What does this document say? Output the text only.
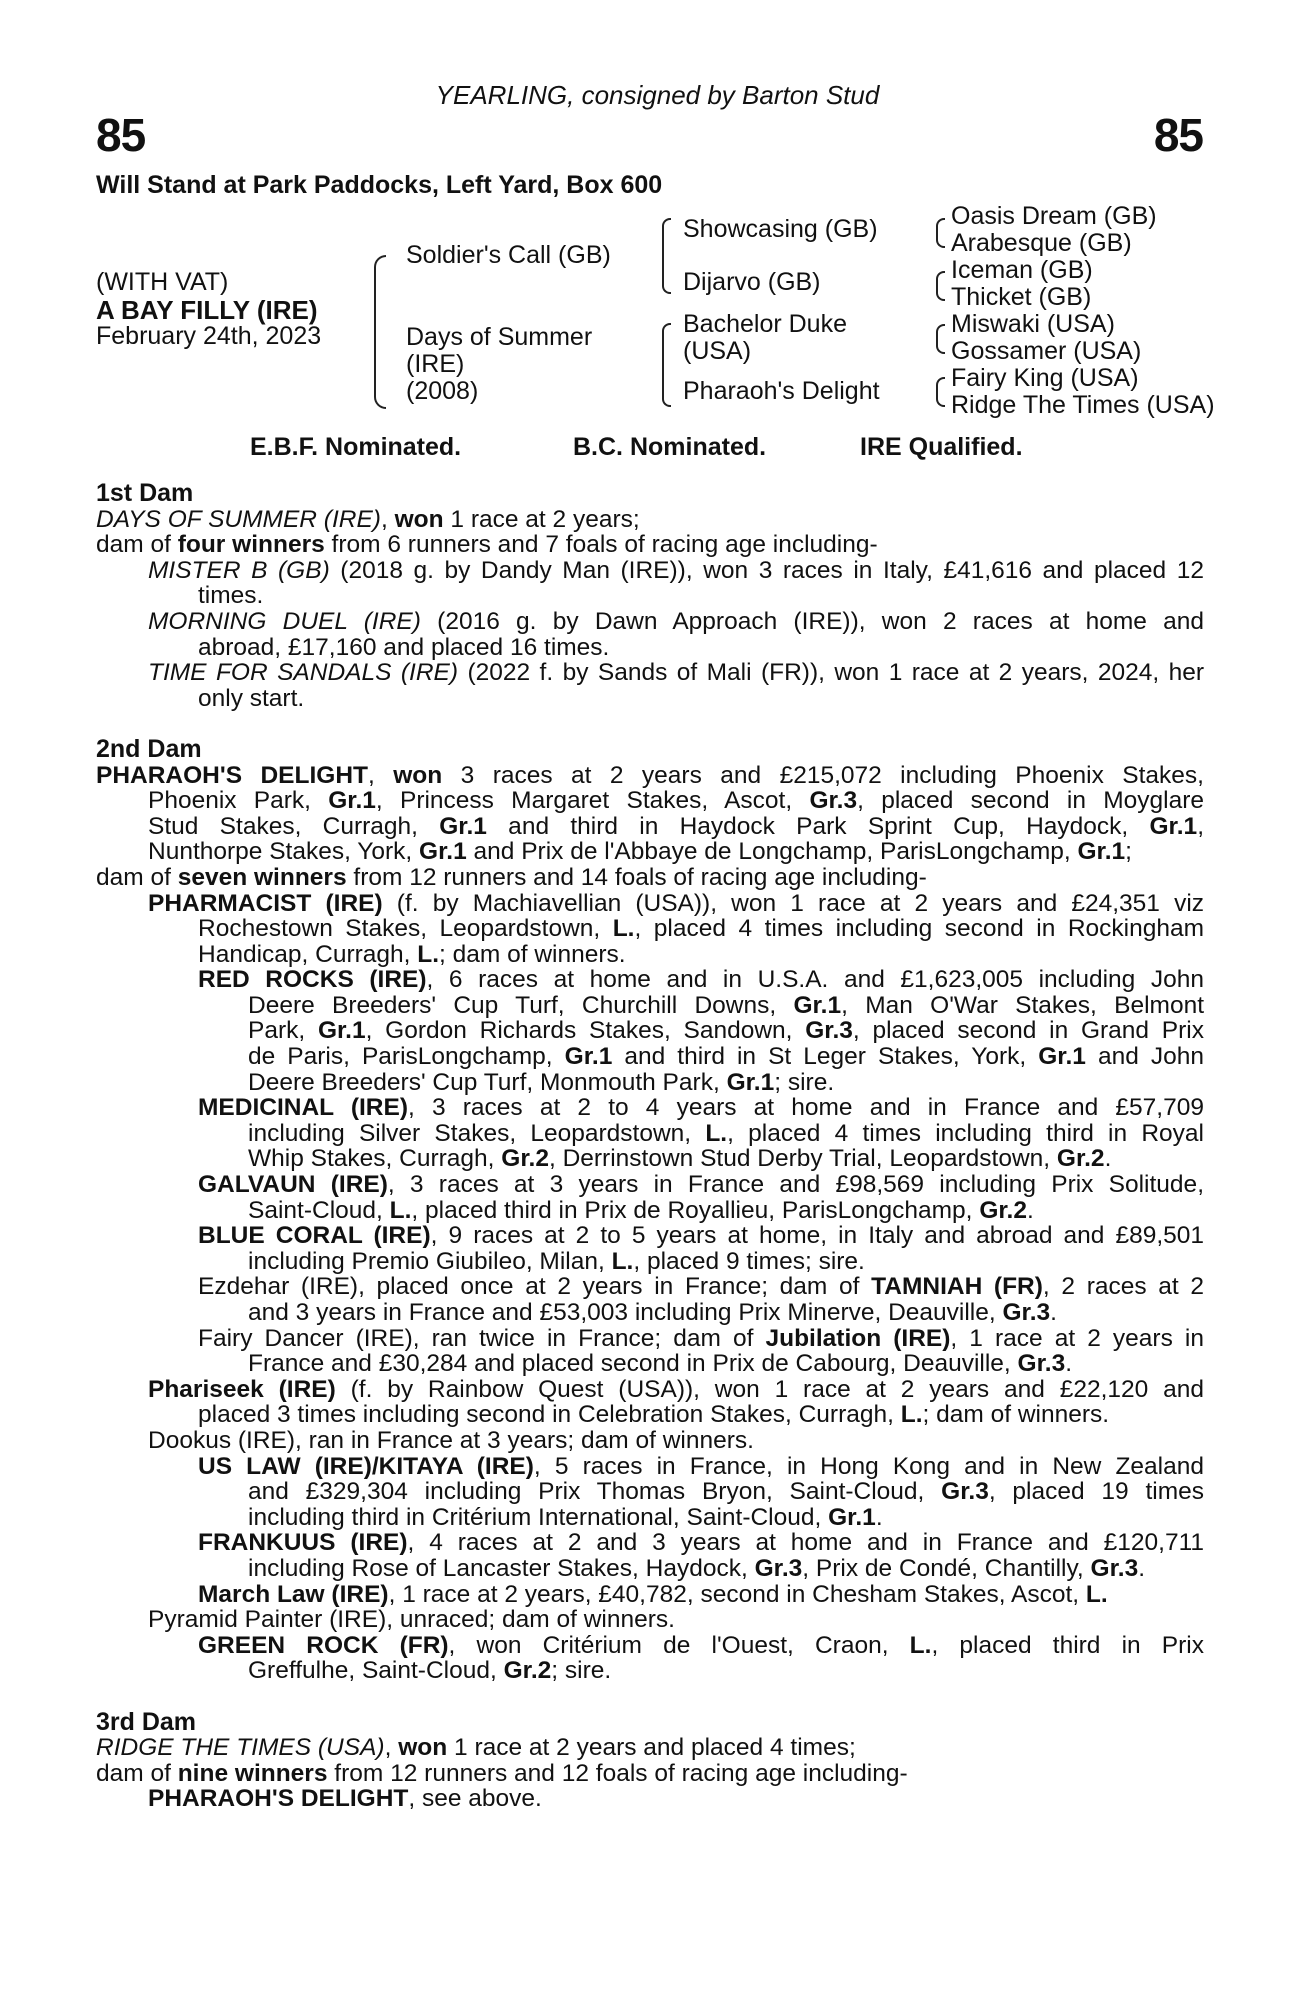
85	85
YEARLING, consigned by Barton Stud
Will Stand at Park Paddocks, Left Yard, Box 600
(WITH VAT)
A BAY FILLY (IRE)
February 24th, 2023
Soldier's Call (GB)
Days of Summer
(IRE)
(2008)
Showcasing (GB)
Dijarvo (GB)
Bachelor Duke
(USA)
Pharaoh's Delight
Oasis Dream (GB)
Arabesque (GB)
Iceman (GB)
Thicket (GB)
Miswaki (USA)
Gossamer (USA)
Fairy King (USA)
Ridge The Times (USA)
E.B.F. Nominated.	B.C. Nominated.	IRE Qualified.
1st Dam
DAYS OF SUMMER (IRE), won 1 race at 2 years;
dam of four winners from 6 runners and 7 foals of racing age including-
MISTER B (GB) (2018 g. by Dandy Man (IRE)), won 3 races in Italy, £41,616 and placed 12
times.
MORNING DUEL (IRE) (2016 g. by Dawn Approach (IRE)), won 2 races at home and
abroad, £17,160 and placed 16 times.
TIME FOR SANDALS (IRE) (2022 f. by Sands of Mali (FR)), won 1 race at 2 years, 2024, her
only start.
2nd Dam
PHARAOH'S DELIGHT, won 3 races at 2 years and £215,072 including Phoenix Stakes,
Phoenix Park, Gr.1, Princess Margaret Stakes, Ascot, Gr.3, placed second in Moyglare
Stud Stakes, Curragh, Gr.1 and third in Haydock Park Sprint Cup, Haydock, Gr.1,
Nunthorpe Stakes, York, Gr.1 and Prix de l'Abbaye de Longchamp, ParisLongchamp, Gr.1;
dam of seven winners from 12 runners and 14 foals of racing age including-
PHARMACIST (IRE) (f. by Machiavellian (USA)), won 1 race at 2 years and £24,351 viz
Rochestown Stakes, Leopardstown, L., placed 4 times including second in Rockingham
Handicap, Curragh, L.; dam of winners.
RED ROCKS (IRE), 6 races at home and in U.S.A. and £1,623,005 including John
Deere Breeders' Cup Turf, Churchill Downs, Gr.1, Man O'War Stakes, Belmont
Park, Gr.1, Gordon Richards Stakes, Sandown, Gr.3, placed second in Grand Prix
de Paris, ParisLongchamp, Gr.1 and third in St Leger Stakes, York, Gr.1 and John
Deere Breeders' Cup Turf, Monmouth Park, Gr.1; sire.
MEDICINAL (IRE), 3 races at 2 to 4 years at home and in France and £57,709
including Silver Stakes, Leopardstown, L., placed 4 times including third in Royal
Whip Stakes, Curragh, Gr.2, Derrinstown Stud Derby Trial, Leopardstown, Gr.2.
GALVAUN (IRE), 3 races at 3 years in France and £98,569 including Prix Solitude,
Saint-Cloud, L., placed third in Prix de Royallieu, ParisLongchamp, Gr.2.
BLUE CORAL (IRE), 9 races at 2 to 5 years at home, in Italy and abroad and £89,501
including Premio Giubileo, Milan, L., placed 9 times; sire.
Ezdehar (IRE), placed once at 2 years in France; dam of TAMNIAH (FR), 2 races at 2
and 3 years in France and £53,003 including Prix Minerve, Deauville, Gr.3.
Fairy Dancer (IRE), ran twice in France; dam of Jubilation (IRE), 1 race at 2 years in
France and £30,284 and placed second in Prix de Cabourg, Deauville, Gr.3.
Phariseek (IRE) (f. by Rainbow Quest (USA)), won 1 race at 2 years and £22,120 and
placed 3 times including second in Celebration Stakes, Curragh, L.; dam of winners.
Dookus (IRE), ran in France at 3 years; dam of winners.
US LAW (IRE)/KITAYA (IRE), 5 races in France, in Hong Kong and in New Zealand
and £329,304 including Prix Thomas Bryon, Saint-Cloud, Gr.3, placed 19 times
including third in Critérium International, Saint-Cloud, Gr.1.
FRANKUUS (IRE), 4 races at 2 and 3 years at home and in France and £120,711
including Rose of Lancaster Stakes, Haydock, Gr.3, Prix de Condé, Chantilly, Gr.3.
March Law (IRE), 1 race at 2 years, £40,782, second in Chesham Stakes, Ascot, L.
Pyramid Painter (IRE), unraced; dam of winners.
GREEN ROCK (FR), won Critérium de l'Ouest, Craon, L., placed third in Prix
Greffulhe, Saint-Cloud, Gr.2; sire.
3rd Dam
RIDGE THE TIMES (USA), won 1 race at 2 years and placed 4 times;
dam of nine winners from 12 runners and 12 foals of racing age including-
PHARAOH'S DELIGHT, see above.
